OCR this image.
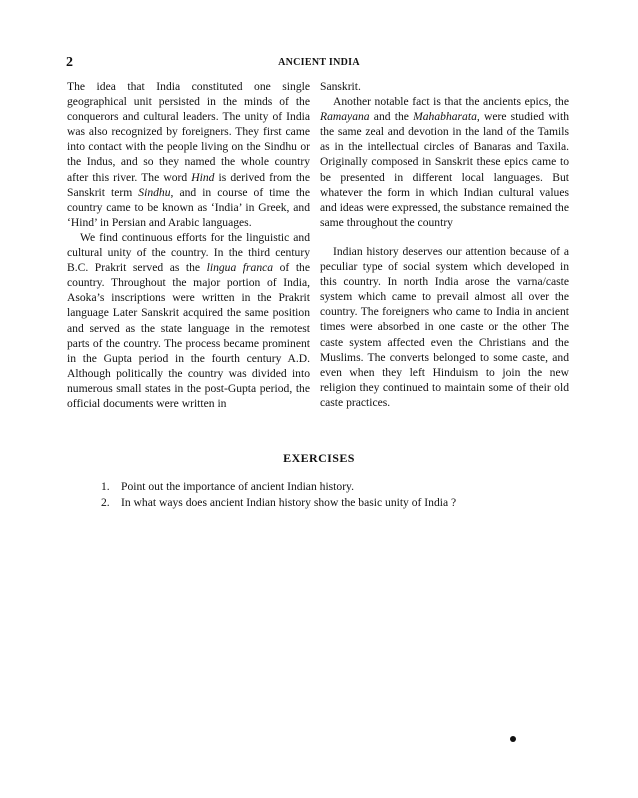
2	ANCIENT INDIA

The idea that India constituted one single geographical unit persisted in the minds of the conquerors and cultural leaders. The unity of India was also recognized by foreigners. They first came into contact with the people living on the Sindhu or the Indus, and so they named the whole country after this river. The word Hind is derived from the Sanskrit term Sindhu, and in course of time the country came to be known as ‘India’ in Greek, and ‘Hind’ in Persian and Arabic languages.

We find continuous efforts for the linguistic and cultural unity of the country. In the third century B.C. Prakrit served as the lingua franca of the country. Throughout the major portion of India, Asoka’s inscriptions were written in the Prakrit language Later Sanskrit acquired the same position and served as the state language in the remotest parts of the country. The process became prominent in the Gupta period in the fourth century A.D. Although politically the country was divided into numerous small states in the post-Gupta period, the official documents were written in

Sanskrit.

Another notable fact is that the ancients epics, the Ramayana and the Mahabharata, were studied with the same zeal and devotion in the land of the Tamils as in the intellectual circles of Banaras and Taxila. Originally composed in Sanskrit these epics came to be presented in different local languages. But whatever the form in which Indian cultural values and ideas were expressed, the substance remained the same throughout the country

Indian history deserves our attention because of a peculiar type of social system which developed in this country. In north India arose the varna/caste system which came to prevail almost all over the country. The foreigners who came to India in ancient times were absorbed in one caste or the other The caste system affected even the Christians and the Muslims. The converts belonged to some caste, and even when they left Hinduism to join the new religion they continued to maintain some of their old caste practices.

EXERCISES
1. Point out the importance of ancient Indian history.
2. In what ways does ancient Indian history show the basic unity of India ?
